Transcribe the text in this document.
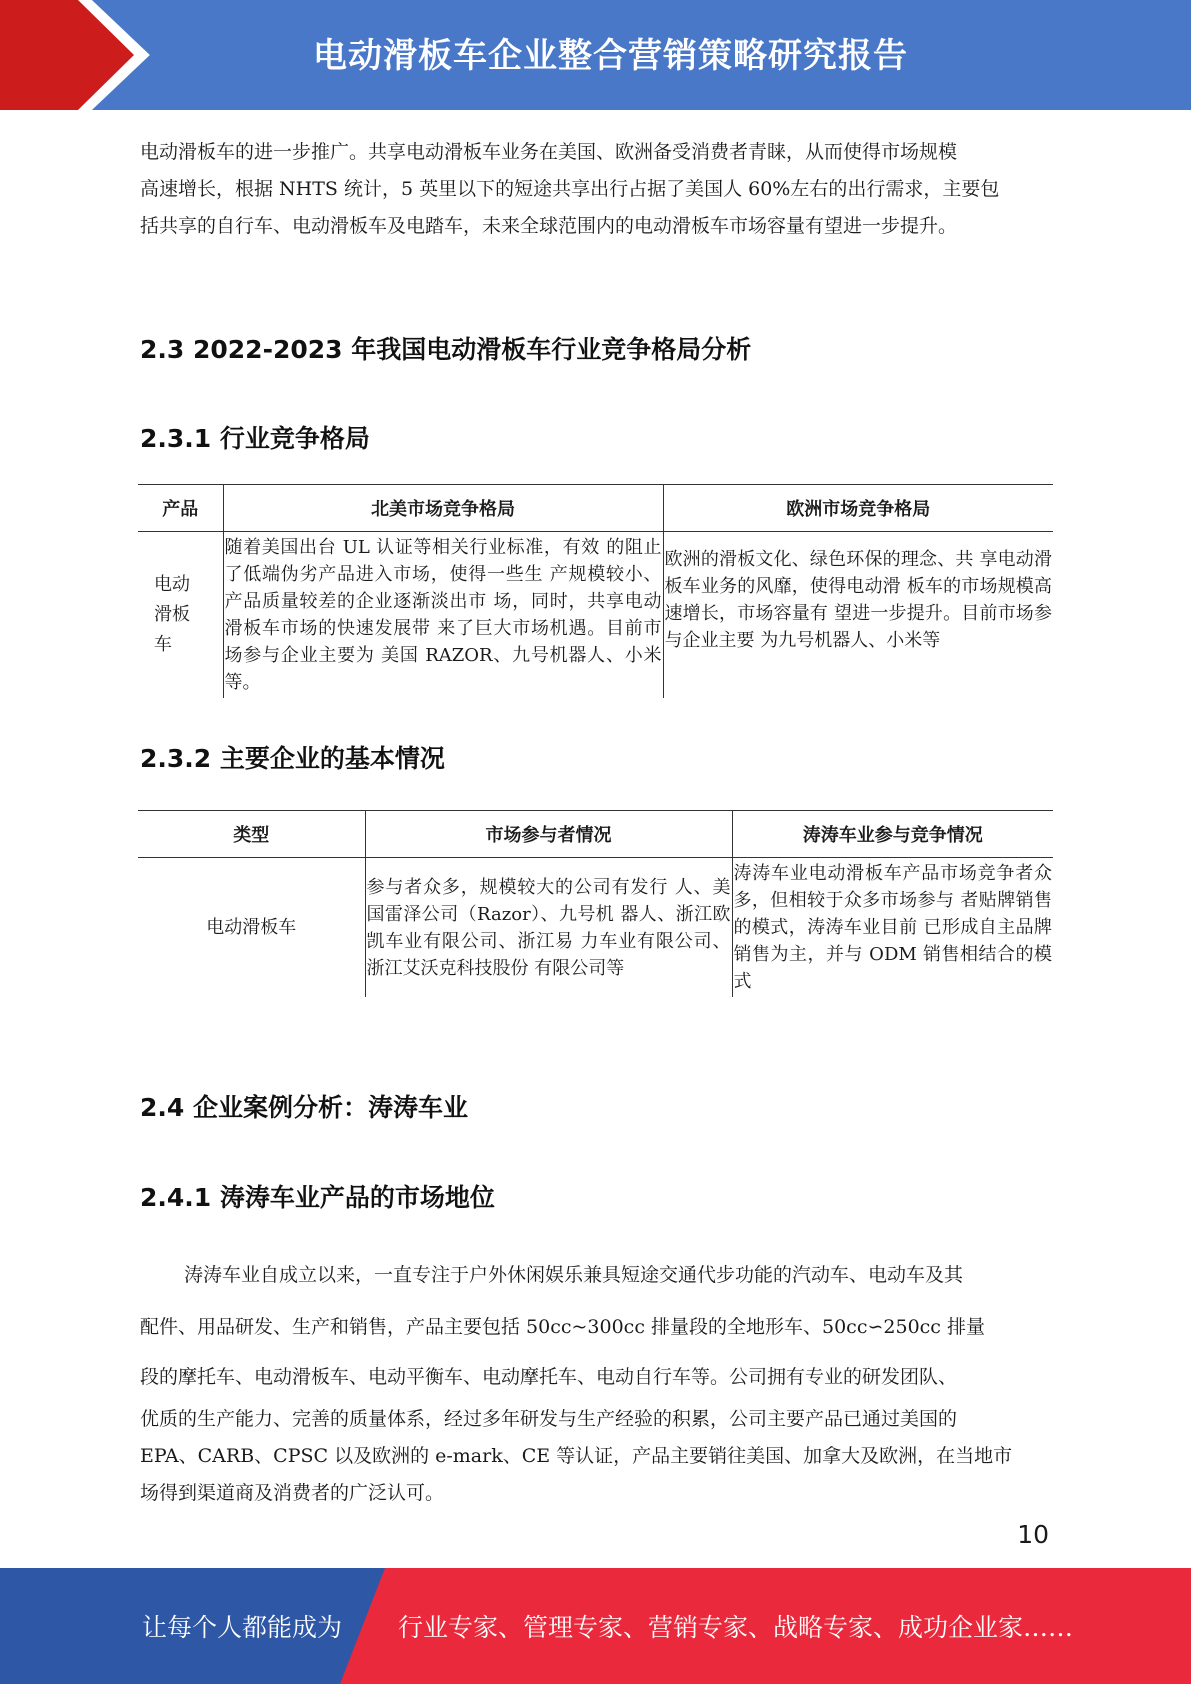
电动滑板车企业整合营销策略研究报告

电动滑板车的进一步推广。共享电动滑板车业务在美国、欧洲备受消费者青睐，从而使得市场规模

高速增长，根据 NHTS 统计，5 英里以下的短途共享出行占据了美国人 60%左右的出行需求，主要包

括共享的自行车、电动滑板车及电踏车，未来全球范围内的电动滑板车市场容量有望进一步提升。

2.3 2022-2023 年我国电动滑板车行业竞争格局分析
2.3.1 行业竞争格局
产品	北美市场竞争格局	欧洲市场竞争格局
电动
滑板
车	随着美国出台 UL 认证等相关行业标准，有效 的阻止了低端伪劣产品进入市场，使得一些生 产规模较小、产品质量较差的企业逐渐淡出市 场，同时，共享电动滑板车市场的快速发展带 来了巨大市场机遇。目前市场参与企业主要为 美国 RAZOR、九号机器人、小米等。	欧洲的滑板文化、绿色环保的理念、共 享电动滑板车业务的风靡，使得电动滑 板车的市场规模高速增长，市场容量有 望进一步提升。目前市场参与企业主要 为九号机器人、小米等
2.3.2 主要企业的基本情况
类型	市场参与者情况	涛涛车业参与竞争情况
电动滑板车	参与者众多，规模较大的公司有发行 人、美国雷泽公司（Razor）、九号机 器人、浙江欧凯车业有限公司、浙江易 力车业有限公司、浙江艾沃克科技股份 有限公司等	涛涛车业电动滑板车产品市场竞争者众多，但相较于众多市场参与 者贴牌销售的模式，涛涛车业目前 已形成自主品牌销售为主，并与 ODM 销售相结合的模式
2.4 企业案例分析：涛涛车业
2.4.1 涛涛车业产品的市场地位

涛涛车业自成立以来，一直专注于户外休闲娱乐兼具短途交通代步功能的汽动车、电动车及其

配件、用品研发、生产和销售，产品主要包括 50cc~300cc 排量段的全地形车、50cc∽250cc 排量

段的摩托车、电动滑板车、电动平衡车、电动摩托车、电动自行车等。公司拥有专业的研发团队、

优质的生产能力、完善的质量体系，经过多年研发与生产经验的积累，公司主要产品已通过美国的

EPA、CARB、CPSC 以及欧洲的 e-mark、CE 等认证，产品主要销往美国、加拿大及欧洲，在当地市

场得到渠道商及消费者的广泛认可。

10
让每个人都能成为 行业专家、管理专家、营销专家、战略专家、成功企业家……
